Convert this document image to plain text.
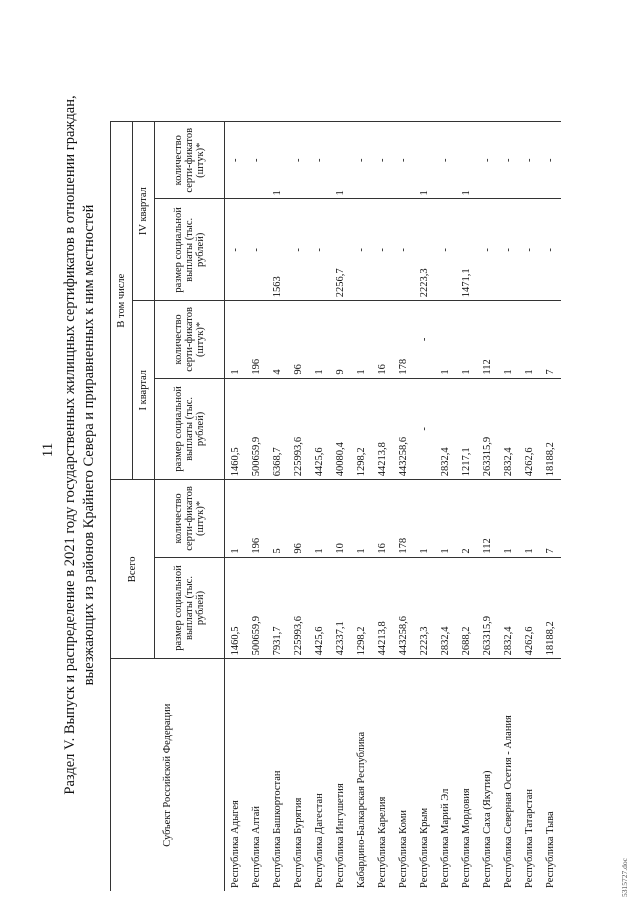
11 Раздел V. Выпуск и распределение в 2021 году государственных жилищных сертификатов в отношении граждан, выезжающих из районов Крайнего Севера и приравненных к ним местностей
Субъект Российской Федерации	Всего		В том числе			
			I квартал		IV квартал	
	размер социальной выплаты (тыс. рублей)	количество серти-фикатов (штук)*	размер социальной выплаты (тыс. рублей)	количество серти-фикатов (штук)*	размер социальной выплаты (тыс. рублей)	количество серти-фикатов (штук)*
Республика Адыгея	1460,5	1	1460,5	1	-	-
Республика Алтай	500659,9	196	500659,9	196	-	-
Республика Башкортостан	7931,7	5	6368,7	4	1563	1
Республика Бурятия	225993,6	96	225993,6	96	-	-
Республика Дагестан	4425,6	1	4425,6	1	-	-
Республика Ингушетия	42337,1	10	40080,4	9	2256,7	1
Кабардино-Балкарская Республика	1298,2	1	1298,2	1	-	-
Республика Карелия	44213,8	16	44213,8	16	-	-
Республика Коми	443258,6	178	443258,6	178	-	-
Республика Крым	2223,3	1	-	-	2223,3	1
Республика Марий Эл	2832,4	1	2832,4	1	-	-
Республика Мордовия	2688,2	2	1217,1	1	1471,1	1
Республика Саха (Якутия)	263315,9	112	263315,9	112	-	-
Республика Северная Осетия - Алания	2832,4	1	2832,4	1	-	-
Республика Татарстан	4262,6	1	4262,6	1	-	-
Республика Тыва	18188,2	7	18188,2	7	-	-
5315727.doc
